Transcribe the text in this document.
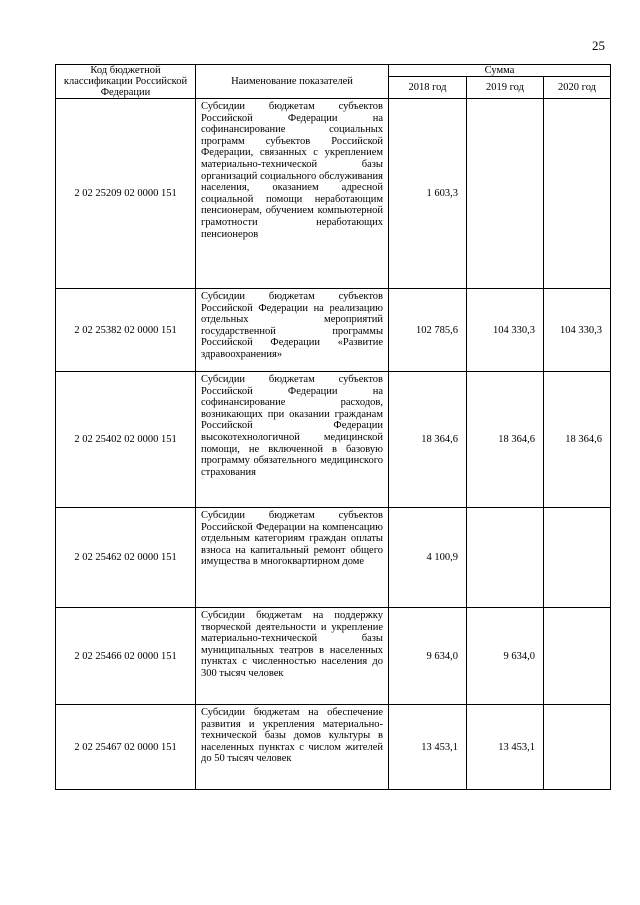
25
Код бюджетной классификации Российской Федерации	Наименование показателей	Сумма		
		2018 год	2019 год	2020 год
2 02 25209 02 0000 151	Субсидии бюджетам субъектов Российской Федерации на софинансирование социальных программ субъектов Российской Федерации, связанных с укреплением материально-технической базы организаций социального обслуживания населения, оказанием адресной социальной помощи неработающим пенсионерам, обучением компьютерной грамотности неработающих пенсионеров	1 603,3		
2 02 25382 02 0000 151	Субсидии бюджетам субъектов Российской Федерации на реализацию отдельных мероприятий государственной программы Российской Федерации «Развитие здравоохранения»	102 785,6	104 330,3	104 330,3
2 02 25402 02 0000 151	Субсидии бюджетам субъектов Российской Федерации на софинансирование расходов, возникающих при оказании гражданам Российской Федерации высокотехнологичной медицинской помощи, не включенной в базовую программу обязательного медицинского страхования	18 364,6	18 364,6	18 364,6
2 02 25462 02 0000 151	Субсидии бюджетам субъектов Российской Федерации на компенсацию отдельным категориям граждан оплаты взноса на капитальный ремонт общего имущества в многоквартирном доме	4 100,9		
2 02 25466 02 0000 151	Субсидии бюджетам на поддержку творческой деятельности и укрепление материально-технической базы муниципальных театров в населенных пунктах с численностью населения до 300 тысяч человек	9 634,0	9 634,0	
2 02 25467 02 0000 151	Субсидии бюджетам на обеспечение развития и укрепления материально-технической базы домов культуры в населенных пунктах с числом жителей до 50 тысяч человек	13 453,1	13 453,1	
